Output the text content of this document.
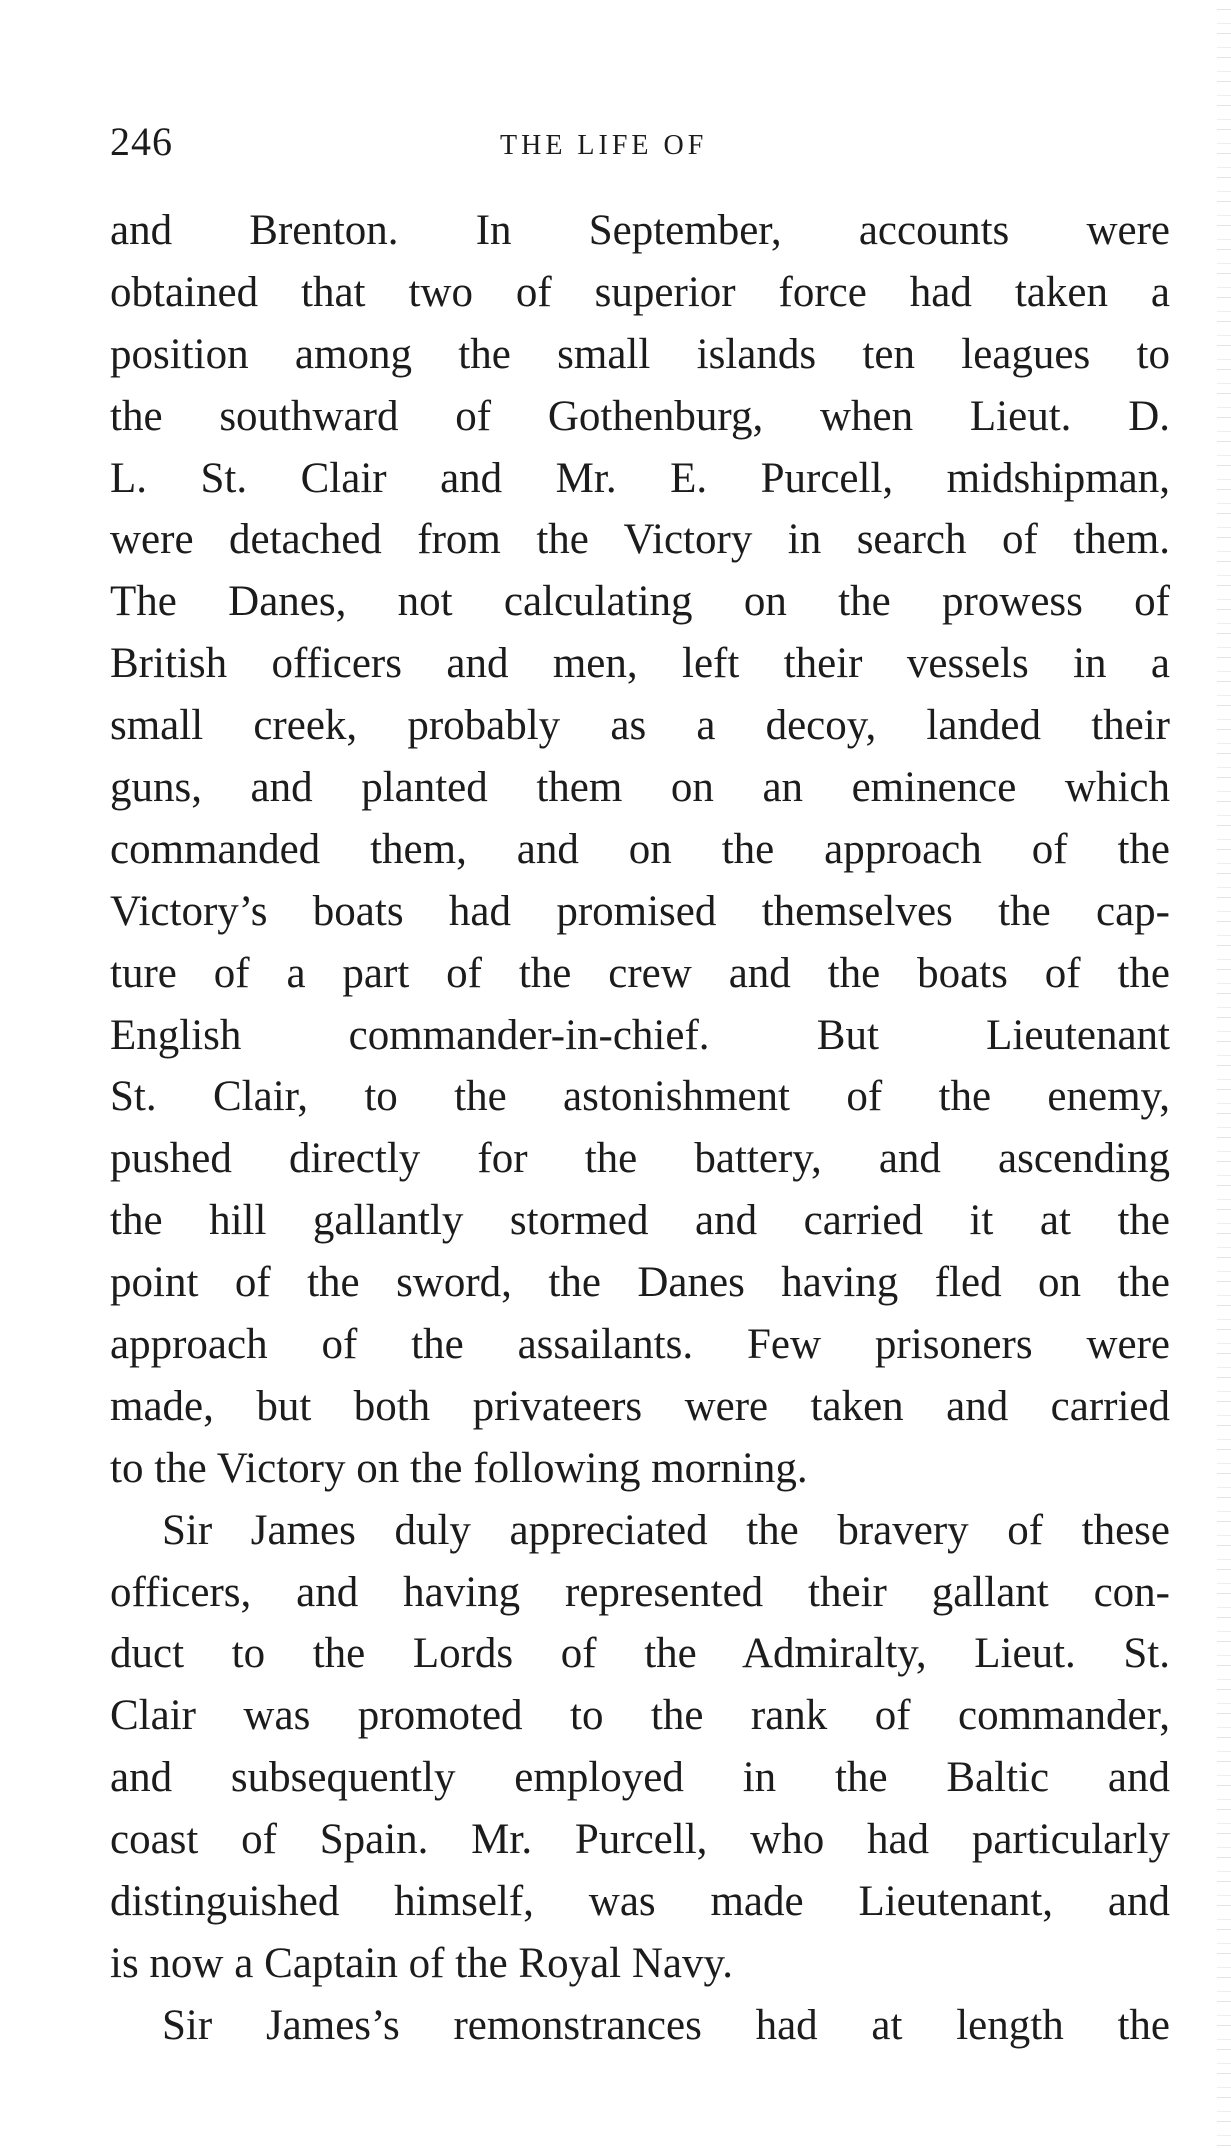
246	THE LIFE OF
and Brenton. In September, accounts were
obtained that two of superior force had taken a
position among the small islands ten leagues to
the southward of Gothenburg, when Lieut. D.
L. St. Clair and Mr. E. Purcell, midshipman,
were detached from the Victory in search of them.
The Danes, not calculating on the prowess of
British officers and men, left their vessels in a
small creek, probably as a decoy, landed their
guns, and planted them on an eminence which
commanded them, and on the approach of the
Victory’s boats had promised themselves the cap-
ture of a part of the crew and the boats of the
English commander-in-chief. But Lieutenant
St. Clair, to the astonishment of the enemy,
pushed directly for the battery, and ascending
the hill gallantly stormed and carried it at the
point of the sword, the Danes having fled on the
approach of the assailants. Few prisoners were
made, but both privateers were taken and carried
to the Victory on the following morning.
Sir James duly appreciated the bravery of these
officers, and having represented their gallant con-
duct to the Lords of the Admiralty, Lieut. St.
Clair was promoted to the rank of commander,
and subsequently employed in the Baltic and
coast of Spain. Mr. Purcell, who had particularly
distinguished himself, was made Lieutenant, and
is now a Captain of the Royal Navy.
Sir James’s remonstrances had at length the
